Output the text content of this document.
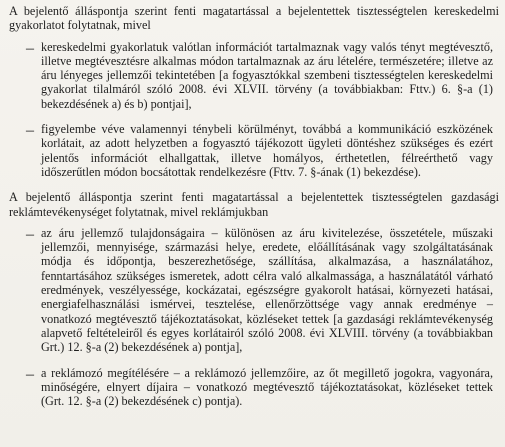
A bejelentő álláspontja szerint fenti magatartással a bejelentettek tisztességtelen kereskedelmi gyakorlatot folytatnak, mivel

– kereskedelmi gyakorlatuk valótlan információt tartalmaznak vagy valós tényt megtévesztő, illetve megtévesztésre alkalmas módon tartalmaznak az áru lételére, természetére; illetve az áru lényeges jellemzői tekintetében [a fogyasztókkal szembeni tisztességtelen kereskedelmi gyakorlat tilalmáról szóló 2008. évi XLVII. törvény (a továbbiakban: Fttv.) 6. §-a (1) bekezdésének a) és b) pontjai],

– figyelembe véve valamennyi ténybeli körülményt, továbbá a kommunikáció eszközének korlátait, az adott helyzetben a fogyasztó tájékozott ügyleti döntéshez szükséges és ezért jelentős információt elhallgattak, illetve homályos, érthetetlen, félreérthető vagy időszerűtlen módon bocsátottak rendelkezésre (Fttv. 7. §-ának (1) bekezdése).

A bejelentő álláspontja szerint fenti magatartással a bejelentettek tisztességtelen gazdasági reklámtevékenységet folytatnak, mivel reklámjukban

– az áru jellemző tulajdonságaira – különösen az áru kivitelezése, összetétele, műszaki jellemzői, mennyisége, származási helye, eredete, előállításának vagy szolgáltatásának módja és időpontja, beszerezhetősége, szállítása, alkalmazása, a használatához, fenntartásához szükséges ismeretek, adott célra való alkalmassága, a használatától várható eredmények, veszélyessége, kockázatai, egészségre gyakorolt hatásai, környezeti hatásai, energiafelhasználási ismérvei, tesztelése, ellenőrzöttsége vagy annak eredménye – vonatkozó megtévesztő tájékoztatásokat, közléseket tettek [a gazdasági reklámtevékenység alapvető feltételeiről és egyes korlátairól szóló 2008. évi XLVIII. törvény (a továbbiakban Grt.) 12. §-a (2) bekezdésének a) pontja],

– a reklámozó megítélésére – a reklámozó jellemzőire, az őt megillető jogokra, vagyonára, minőségére, elnyert díjaira – vonatkozó megtévesztő tájékoztatásokat, közléseket tettek (Grt. 12. §-a (2) bekezdésének c) pontja).
